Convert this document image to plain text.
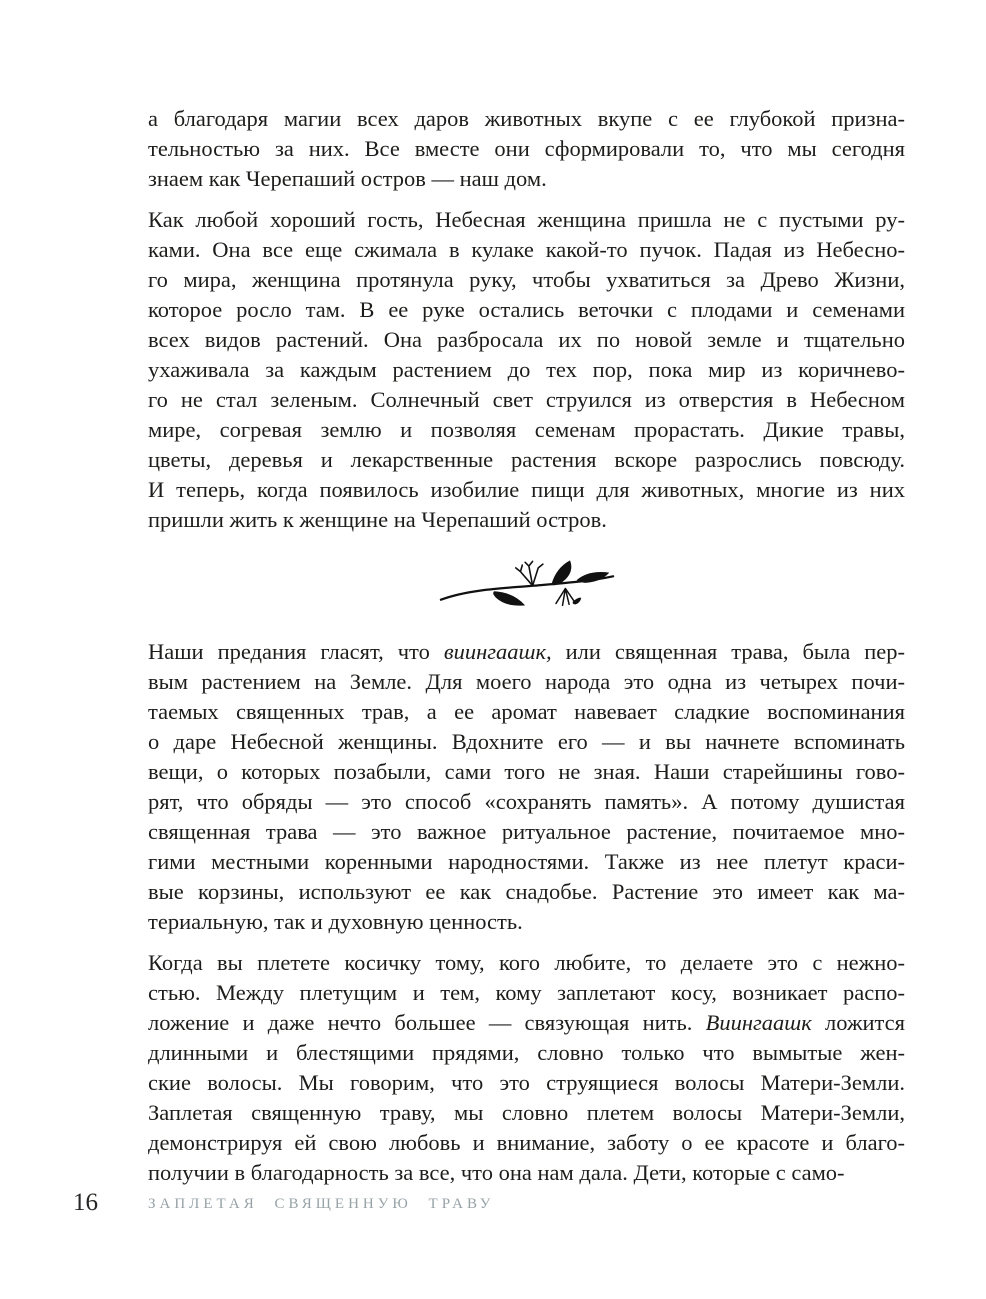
а благодаря магии всех даров животных вкупе с ее глубокой призна-
тельностью за них. Все вместе они сформировали то, что мы сегодня
знаем как Черепаший остров — наш дом.
Как любой хороший гость, Небесная женщина пришла не с пустыми ру-
ками. Она все еще сжимала в кулаке какой-то пучок. Падая из Небесно-
го мира, женщина протянула руку, чтобы ухватиться за Древо Жизни,
которое росло там. В ее руке остались веточки с плодами и семенами
всех видов растений. Она разбросала их по новой земле и тщательно
ухаживала за каждым растением до тех пор, пока мир из коричнево-
го не стал зеленым. Солнечный свет струился из отверстия в Небесном
мире, согревая землю и позволяя семенам прорастать. Дикие травы,
цветы, деревья и лекарственные растения вскоре разрослись повсюду.
И теперь, когда появилось изобилие пищи для животных, многие из них
пришли жить к женщине на Черепаший остров.
Наши предания гласят, что виингаашк, или священная трава, была пер-
вым растением на Земле. Для моего народа это одна из четырех почи-
таемых священных трав, а ее аромат навевает сладкие воспоминания
о даре Небесной женщины. Вдохните его — и вы начнете вспоминать
вещи, о которых позабыли, сами того не зная. Наши старейшины гово-
рят, что обряды — это способ «сохранять память». А потому душистая
священная трава — это важное ритуальное растение, почитаемое мно-
гими местными коренными народностями. Также из нее плетут краси-
вые корзины, используют ее как снадобье. Растение это имеет как ма-
териальную, так и духовную ценность.
Когда вы плетете косичку тому, кого любите, то делаете это с нежно-
стью. Между плетущим и тем, кому заплетают косу, возникает распо-
ложение и даже нечто большее — связующая нить. Виингаашк ложится
длинными и блестящими прядями, словно только что вымытые жен-
ские волосы. Мы говорим, что это струящиеся волосы Матери-Земли.
Заплетая священную траву, мы словно плетем волосы Матери-Земли,
демонстрируя ей свою любовь и внимание, заботу о ее красоте и благо-
получии в благодарность за все, что она нам дала. Дети, которые с само-
16	ЗАПЛЕТАЯ СВЯЩЕННУЮ ТРАВУ
